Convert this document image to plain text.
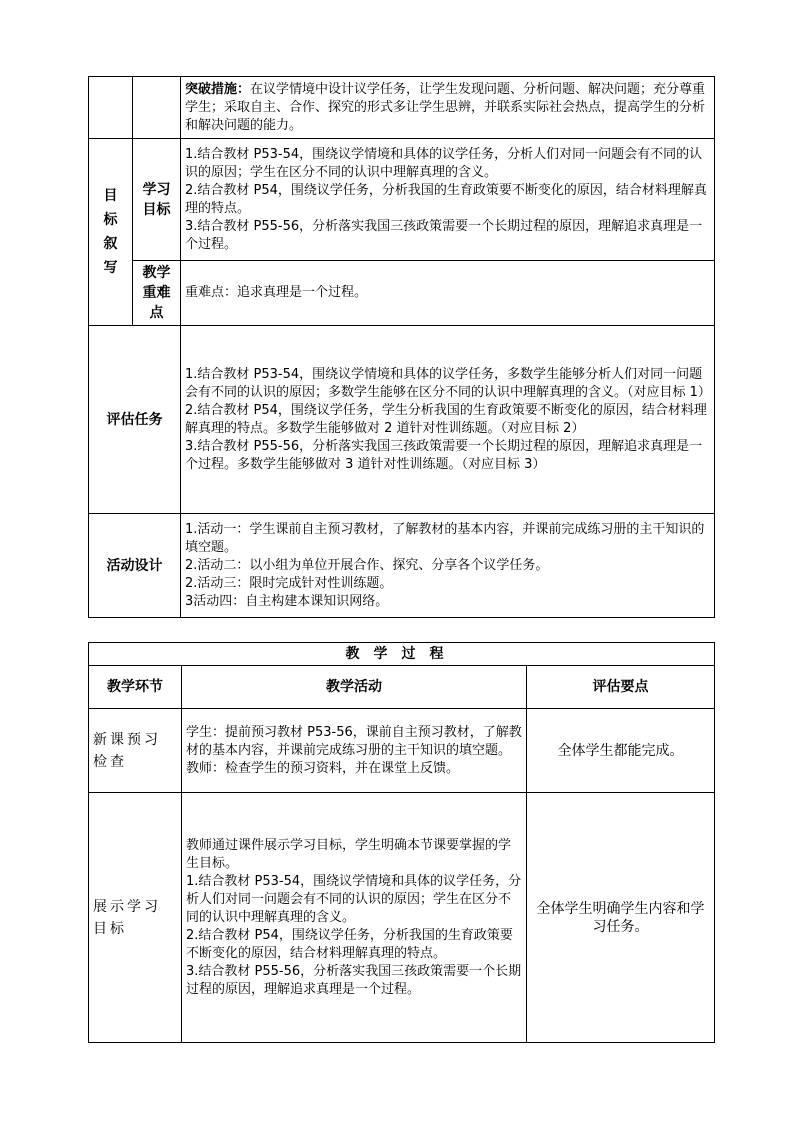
		突破措施：在议学情境中设计议学任务，让学生发现问题、分析问题、解决问题；充分尊重学生；采取自主、合作、探究的形式多让学生思辨，并联系实际社会热点，提高学生的分析和解决问题的能力。

目标叙写	学习目标	1.结合教材 P53-54，围绕议学情境和具体的议学任务，分析人们对同一问题会有不同的认识的原因；学生在区分不同的认识中理解真理的含义。
2.结合教材 P54，围绕议学任务，分析我国的生育政策要不断变化的原因，结合材料理解真理的特点。
3.结合教材 P55-56，分析落实我国三孩政策需要一个长期过程的原因，理解追求真理是一个过程。

	教学重难点	重难点：追求真理是一个过程。
评估任务		1.结合教材 P53-54，围绕议学情境和具体的议学任务，多数学生能够分析人们对同一问题会有不同的认识的原因；多数学生能够在区分不同的认识中理解真理的含义。（对应目标 1）
2.结合教材 P54，围绕议学任务，学生分析我国的生育政策要不断变化的原因，结合材料理解真理的特点。多数学生能够做对 2 道针对性训练题。（对应目标 2）
3.结合教材 P55-56，分析落实我国三孩政策需要一个长期过程的原因，理解追求真理是一个过程。多数学生能够做对 3 道针对性训练题。（对应目标 3）

活动设计		1.活动一：学生课前自主预习教材，了解教材的基本内容，并课前完成练习册的主干知识的填空题。
2.活动二：以小组为单位开展合作、探究、分享各个议学任务。
2.活动三：限时完成针对性训练题。
3活动四：自主构建本课知识网络。
教学过程		
教学环节	教学活动	评估要点
新课预习检查	学生：提前预习教材 P53-56，课前自主预习教材，了解教材的基本内容，并课前完成练习册的主干知识的填空题。
教师：检查学生的预习资料，并在课堂上反馈。	全体学生都能完成。
展示学习目标	教师通过课件展示学习目标，学生明确本节课要掌握的学生目标。
1.结合教材 P53-54，围绕议学情境和具体的议学任务，分析人们对同一问题会有不同的认识的原因；学生在区分不同的认识中理解真理的含义。
2.结合教材 P54，围绕议学任务，分析我国的生育政策要不断变化的原因，结合材料理解真理的特点。
3.结合教材 P55-56，分析落实我国三孩政策需要一个长期过程的原因，理解追求真理是一个过程。	全体学生明确学生内容和学习任务。
